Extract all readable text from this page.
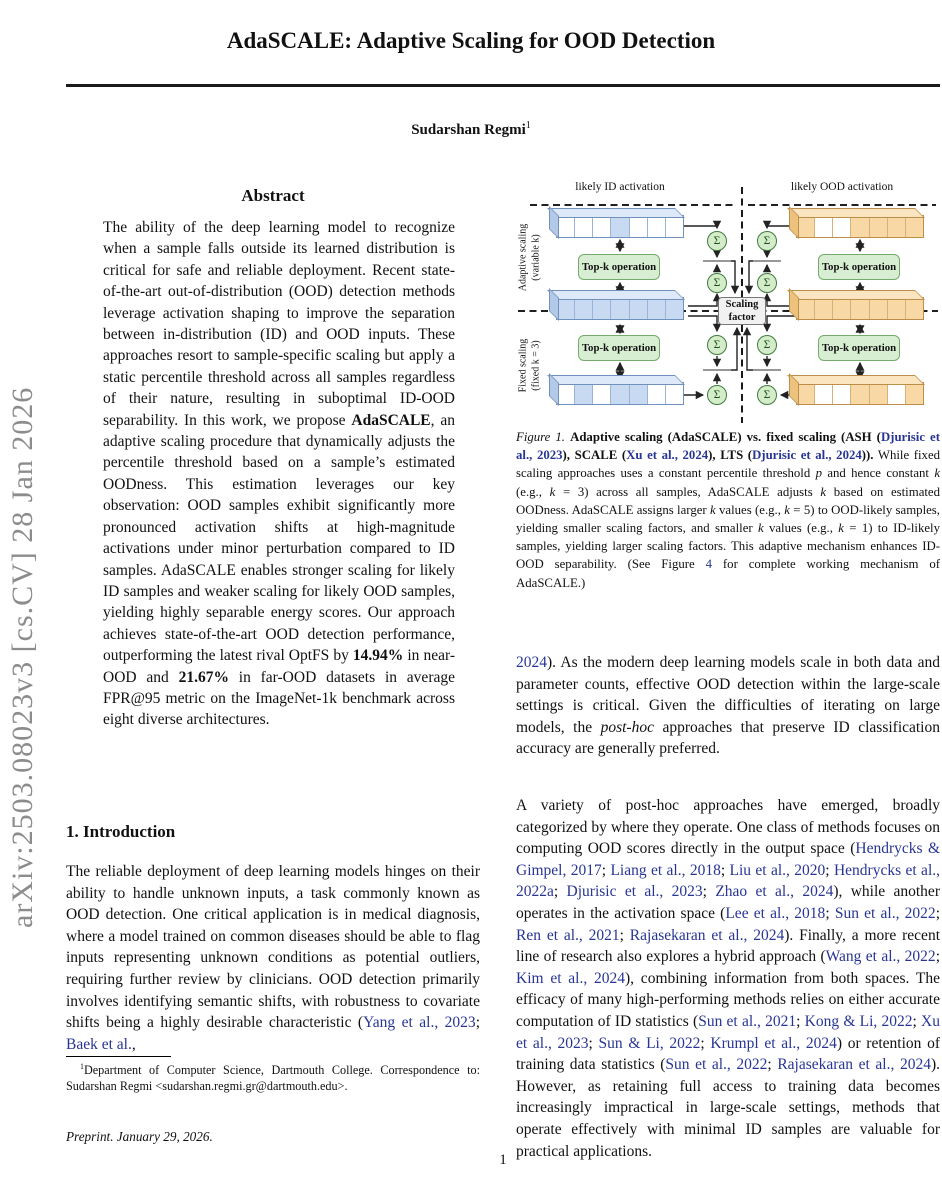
arXiv:2503.08023v3 [cs.CV] 28 Jan 2026
AdaSCALE: Adaptive Scaling for OOD Detection
Sudarshan Regmi$^1$
Abstract

The ability of the deep learning model to recognize when a sample falls outside its learned distribution is critical for safe and reliable deployment. Recent state-of-the-art out-of-distribution (OOD) detection methods leverage activation shaping to improve the separation between in-distribution (ID) and OOD inputs. These approaches resort to sample-specific scaling but apply a static percentile threshold across all samples regardless of their nature, resulting in suboptimal ID-OOD separability. In this work, we propose AdaSCALE, an adaptive scaling procedure that dynamically adjusts the percentile threshold based on a sample’s estimated OODness. This estimation leverages our key observation: OOD samples exhibit significantly more pronounced activation shifts at high-magnitude activations under minor perturbation compared to ID samples. AdaSCALE enables stronger scaling for likely ID samples and weaker scaling for likely OOD samples, yielding highly separable energy scores. Our approach achieves state-of-the-art OOD detection performance, outperforming the latest rival OptFS by 14.94% in near-OOD and 21.67% in far-OOD datasets in average FPR@95 metric on the ImageNet-1k benchmark across eight diverse architectures.

1. Introduction

The reliable deployment of deep learning models hinges on their ability to handle unknown inputs, a task commonly known as OOD detection. One critical application is in medical diagnosis, where a model trained on common diseases should be able to flag inputs representing unknown conditions as potential outliers, requiring further review by clinicians. OOD detection primarily involves identifying semantic shifts, with robustness to covariate shifts being a highly desirable characteristic (Yang et al., 2023; Baek et al.,

$^1$Department of Computer Science, Dartmouth College. Correspondence to: Sudarshan Regmi <sudarshan.regmi.gr@dartmouth.edu>.

Preprint. January 29, 2026.

likely ID activation	likely OOD activation
Adaptive scaling (variable k)
Fixed scaling (fixed k = 3)
Top-k operation
Top-k operation
Top-k operation
Top-k operation
Σ
Σ
Σ
Σ
Σ
Σ
Σ
Σ
Scaling
factor

Figure 1. Adaptive scaling (AdaSCALE) vs. fixed scaling (ASH (Djurisic et al., 2023), SCALE (Xu et al., 2024), LTS (Djurisic et al., 2024)). While fixed scaling approaches uses a constant percentile threshold p and hence constant k (e.g., k = 3) across all samples, AdaSCALE adjusts k based on estimated OODness. AdaSCALE assigns larger k values (e.g., k = 5) to OOD-likely samples, yielding smaller scaling factors, and smaller k values (e.g., k = 1) to ID-likely samples, yielding larger scaling factors. This adaptive mechanism enhances ID-OOD separability. (See Figure 4 for complete working mechanism of AdaSCALE.)

2024). As the modern deep learning models scale in both data and parameter counts, effective OOD detection within the large-scale settings is critical. Given the difficulties of iterating on large models, the post-hoc approaches that preserve ID classification accuracy are generally preferred.

A variety of post-hoc approaches have emerged, broadly categorized by where they operate. One class of methods focuses on computing OOD scores directly in the output space (Hendrycks & Gimpel, 2017; Liang et al., 2018; Liu et al., 2020; Hendrycks et al., 2022a; Djurisic et al., 2023; Zhao et al., 2024), while another operates in the activation space (Lee et al., 2018; Sun et al., 2022; Ren et al., 2021; Rajasekaran et al., 2024). Finally, a more recent line of research also explores a hybrid approach (Wang et al., 2022; Kim et al., 2024), combining information from both spaces. The efficacy of many high-performing methods relies on either accurate computation of ID statistics (Sun et al., 2021; Kong & Li, 2022; Xu et al., 2023; Sun & Li, 2022; Krumpl et al., 2024) or retention of training data statistics (Sun et al., 2022; Rajasekaran et al., 2024). However, as retaining full access to training data becomes increasingly impractical in large-scale settings, methods that operate effectively with minimal ID samples are valuable for practical applications.

1
